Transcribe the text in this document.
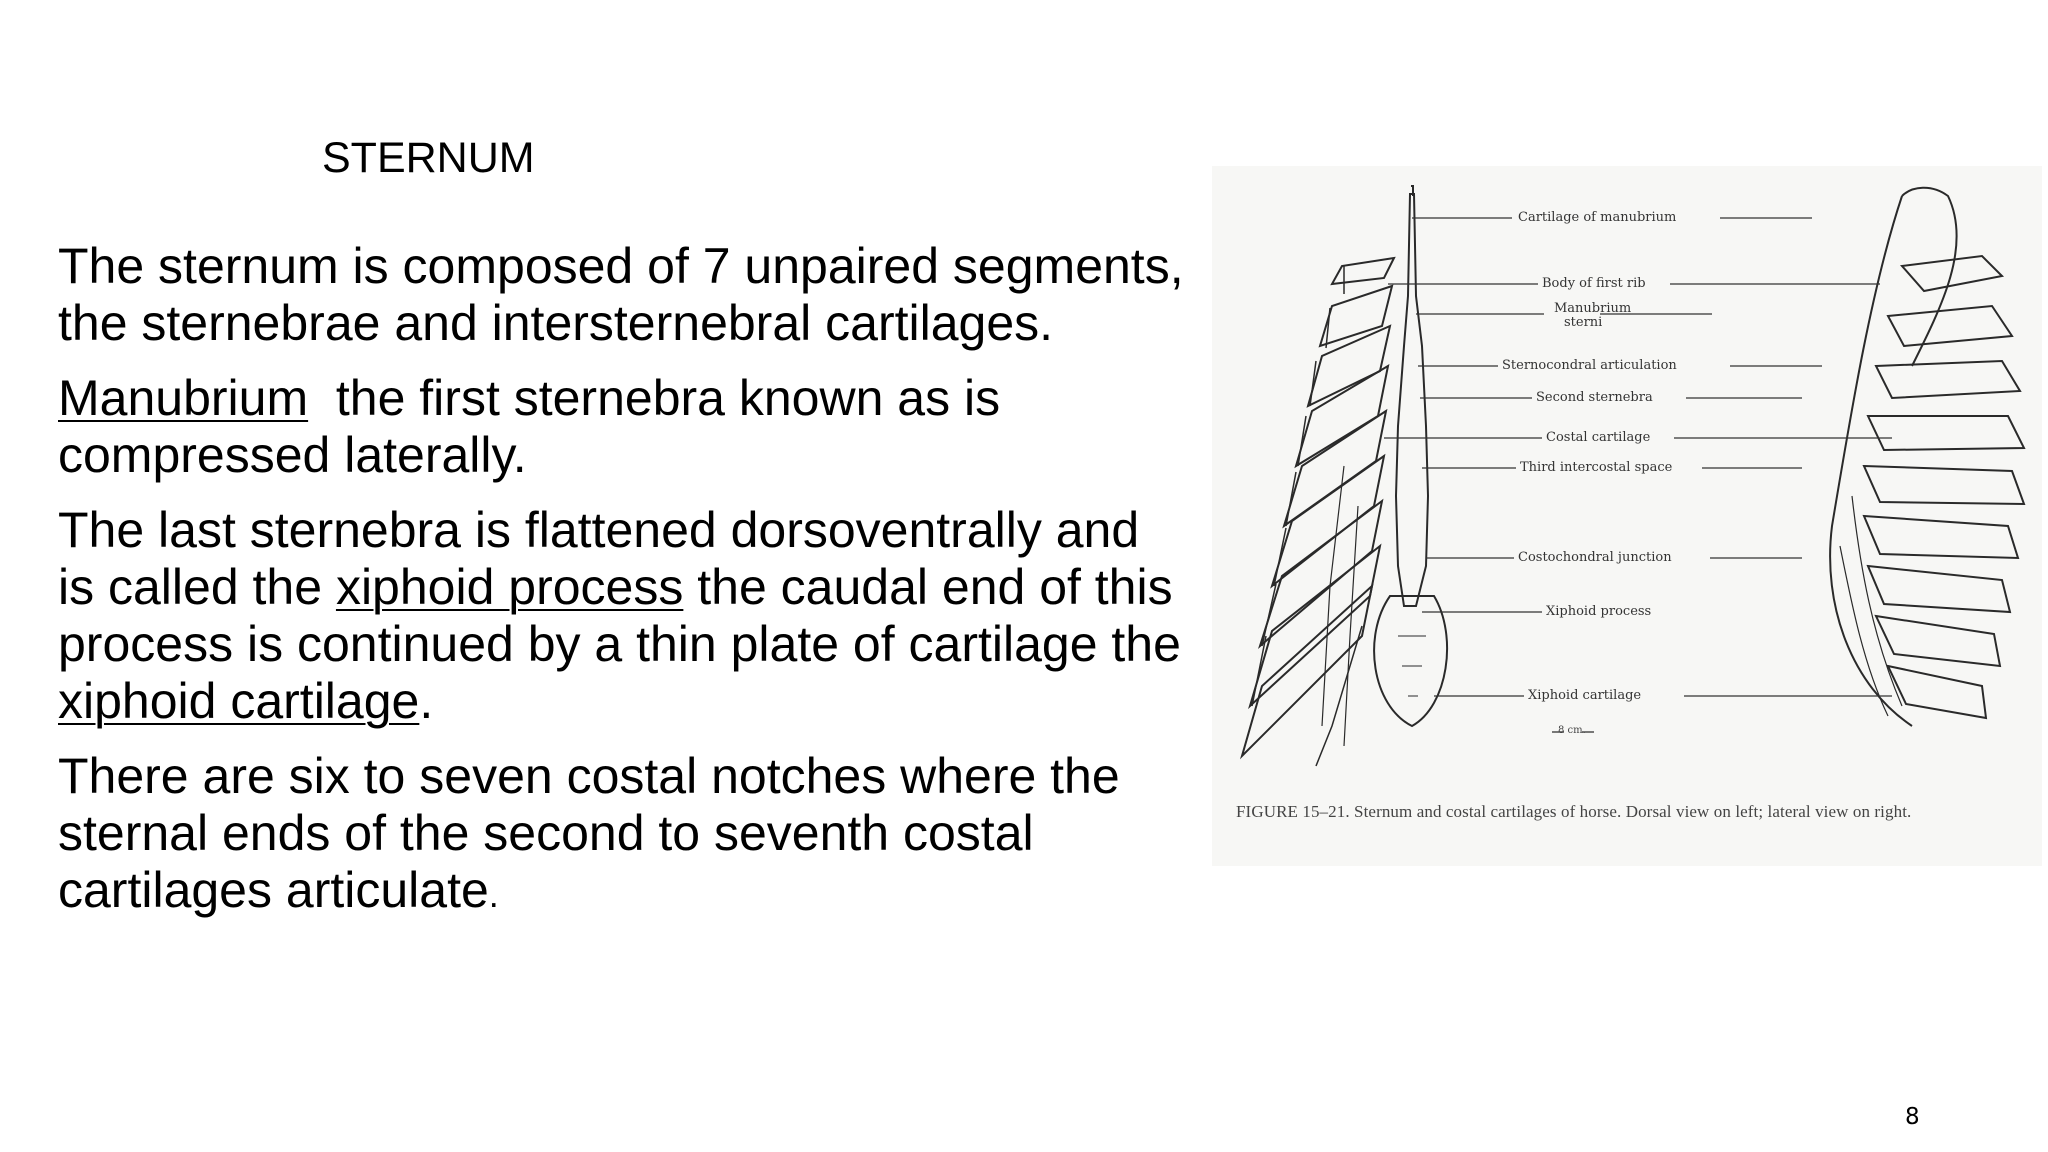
STERNUM

The sternum is composed of 7 unpaired segments, the sternebrae and intersternebral cartilages.

Manubrium  the first sternebra known as is compressed laterally.

The last sternebra is flattened dorsoventrally and is called the xiphoid process the caudal end of this process is continued by a thin plate of cartilage the xiphoid cartilage.

There are six to seven costal notches where the sternal ends of the second to seventh costal cartilages articulate.

Cartilage of manubrium
Body of first rib
Manubrium
sterni
Sternocondral articulation
Second sternebra
Costal cartilage
Third intercostal space
Costochondral junction
Xiphoid process
Xiphoid cartilage
8 cm.
FIGURE 15–21. Sternum and costal cartilages of horse. Dorsal view on left; lateral view on right.
8
